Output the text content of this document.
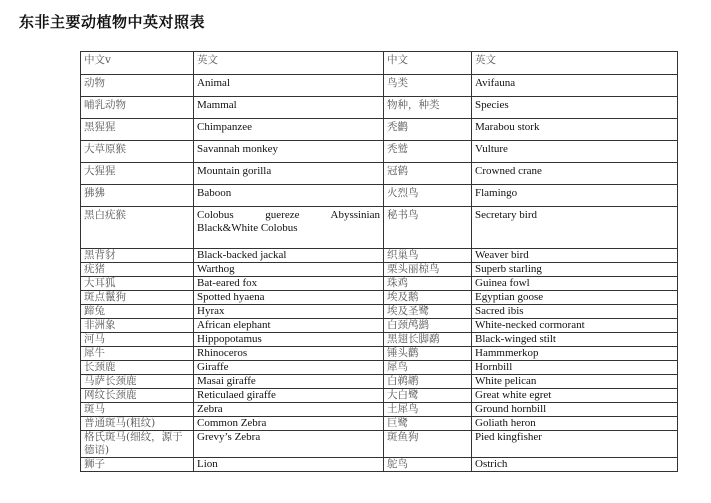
东非主要动植物中英对照表
中文v	英文	中文	英文
动物	Animal	鸟类	Avifauna
哺乳动物	Mammal	物种，种类	Species
黑猩猩	Chimpanzee	秃鹳	Marabou stork
大草原猴	Savannah monkey	秃鹫	Vulture
大猩猩	Mountain gorilla	冠鹤	Crowned crane
狒狒	Baboon	火烈鸟	Flamingo
黑白疣猴	Colobus guereze Abyssinian Black&White Colobus	秘书鸟	Secretary bird
黑背豺	Black-backed jackal	织巢鸟	Weaver bird
疣猪	Warthog	栗头丽椋鸟	Superb starling
大耳狐	Bat-eared fox	珠鸡	Guinea fowl
斑点鬣狗	Spotted hyaena	埃及鹅	Egyptian goose
蹄兔	Hyrax	埃及圣鹭	Sacred ibis
非洲象	African elephant	白颈鸬鹚	White-necked cormorant
河马	Hippopotamus	黑翅长脚鹬	Black-winged stilt
犀牛	Rhinoceros	锤头鹳	Hammmerkop
长颈鹿	Giraffe	犀鸟	Hornbill
马萨长颈鹿	Masai giraffe	白鹈鹕	White pelican
网纹长颈鹿	Reticulaed giraffe	大白鹭	Great white egret
斑马	Zebra	土犀鸟	Ground hornbill
普通斑马(粗纹)	Common Zebra	巨鹭	Goliath heron
格氏斑马(细纹，源于德语)	Grevy’s Zebra	斑鱼狗	Pied kingfisher
狮子	Lion	鸵鸟	Ostrich
